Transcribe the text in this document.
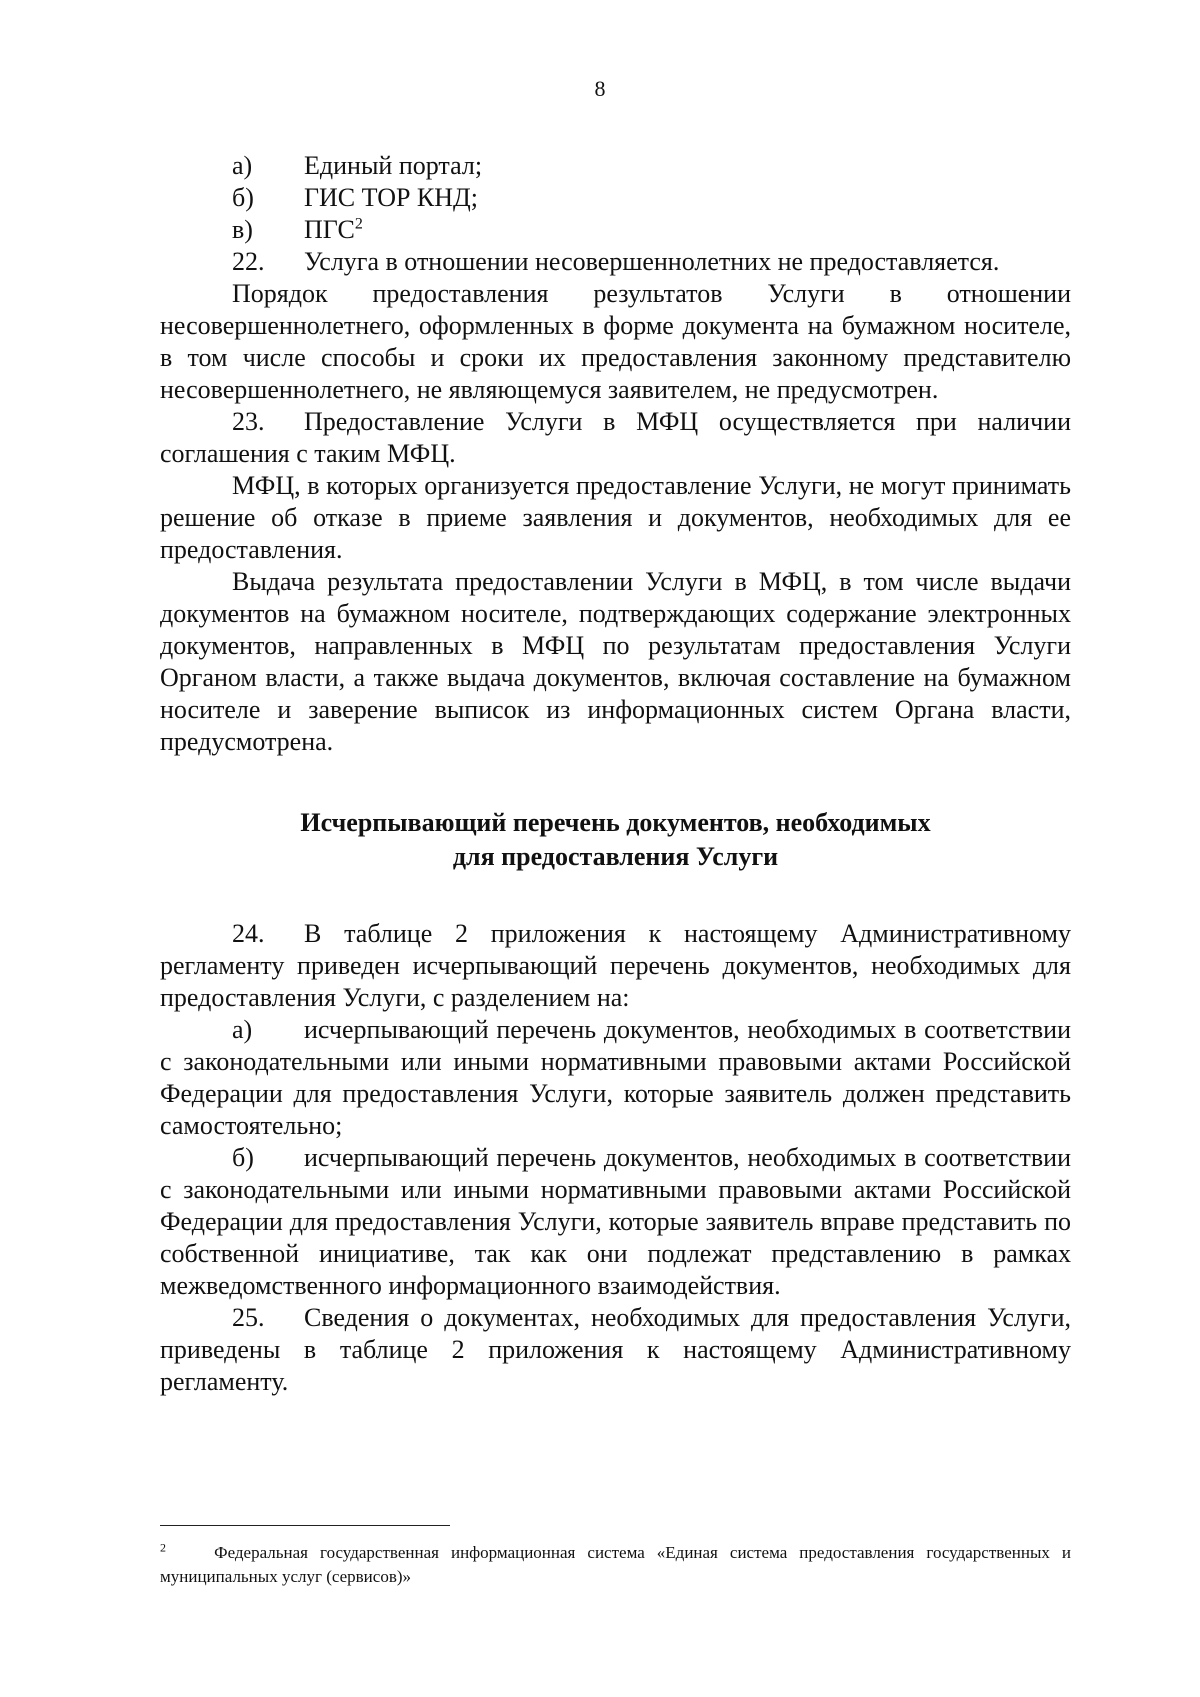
8
а)	Единый портал;
б)	ГИС ТОР КНД;
в)	ПГС$^2$

22. Услуга в отношении несовершеннолетних не предоставляется.

Порядок предоставления результатов Услуги в отношении несовершеннолетнего, оформленных в форме документа на бумажном носителе, в том числе способы и сроки их предоставления законному представителю несовершеннолетнего, не являющемуся заявителем, не предусмотрен.

23. Предоставление Услуги в МФЦ осуществляется при наличии соглашения с таким МФЦ.

МФЦ, в которых организуется предоставление Услуги, не могут принимать решение об отказе в приеме заявления и документов, необходимых для ее предоставления.

Выдача результата предоставлении Услуги в МФЦ, в том числе выдачи документов на бумажном носителе, подтверждающих содержание электронных документов, направленных в МФЦ по результатам предоставления Услуги Органом власти, а также выдача документов, включая составление на бумажном носителе и заверение выписок из информационных систем Органа власти, предусмотрена.

Исчерпывающий перечень документов, необходимых
для предоставления Услуги

24. В таблице 2 приложения к настоящему Административному регламенту приведен исчерпывающий перечень документов, необходимых для предоставления Услуги, с разделением на:

а) исчерпывающий перечень документов, необходимых в соответствии с законодательными или иными нормативными правовыми актами Российской Федерации для предоставления Услуги, которые заявитель должен представить самостоятельно;

б) исчерпывающий перечень документов, необходимых в соответствии с законодательными или иными нормативными правовыми актами Российской Федерации для предоставления Услуги, которые заявитель вправе представить по собственной инициативе, так как они подлежат представлению в рамках межведомственного информационного взаимодействия.

25. Сведения о документах, необходимых для предоставления Услуги, приведены в таблице 2 приложения к настоящему Административному регламенту.

$^2$	Федеральная государственная информационная система «Единая система предоставления государственных и муниципальных услуг (сервисов)»
